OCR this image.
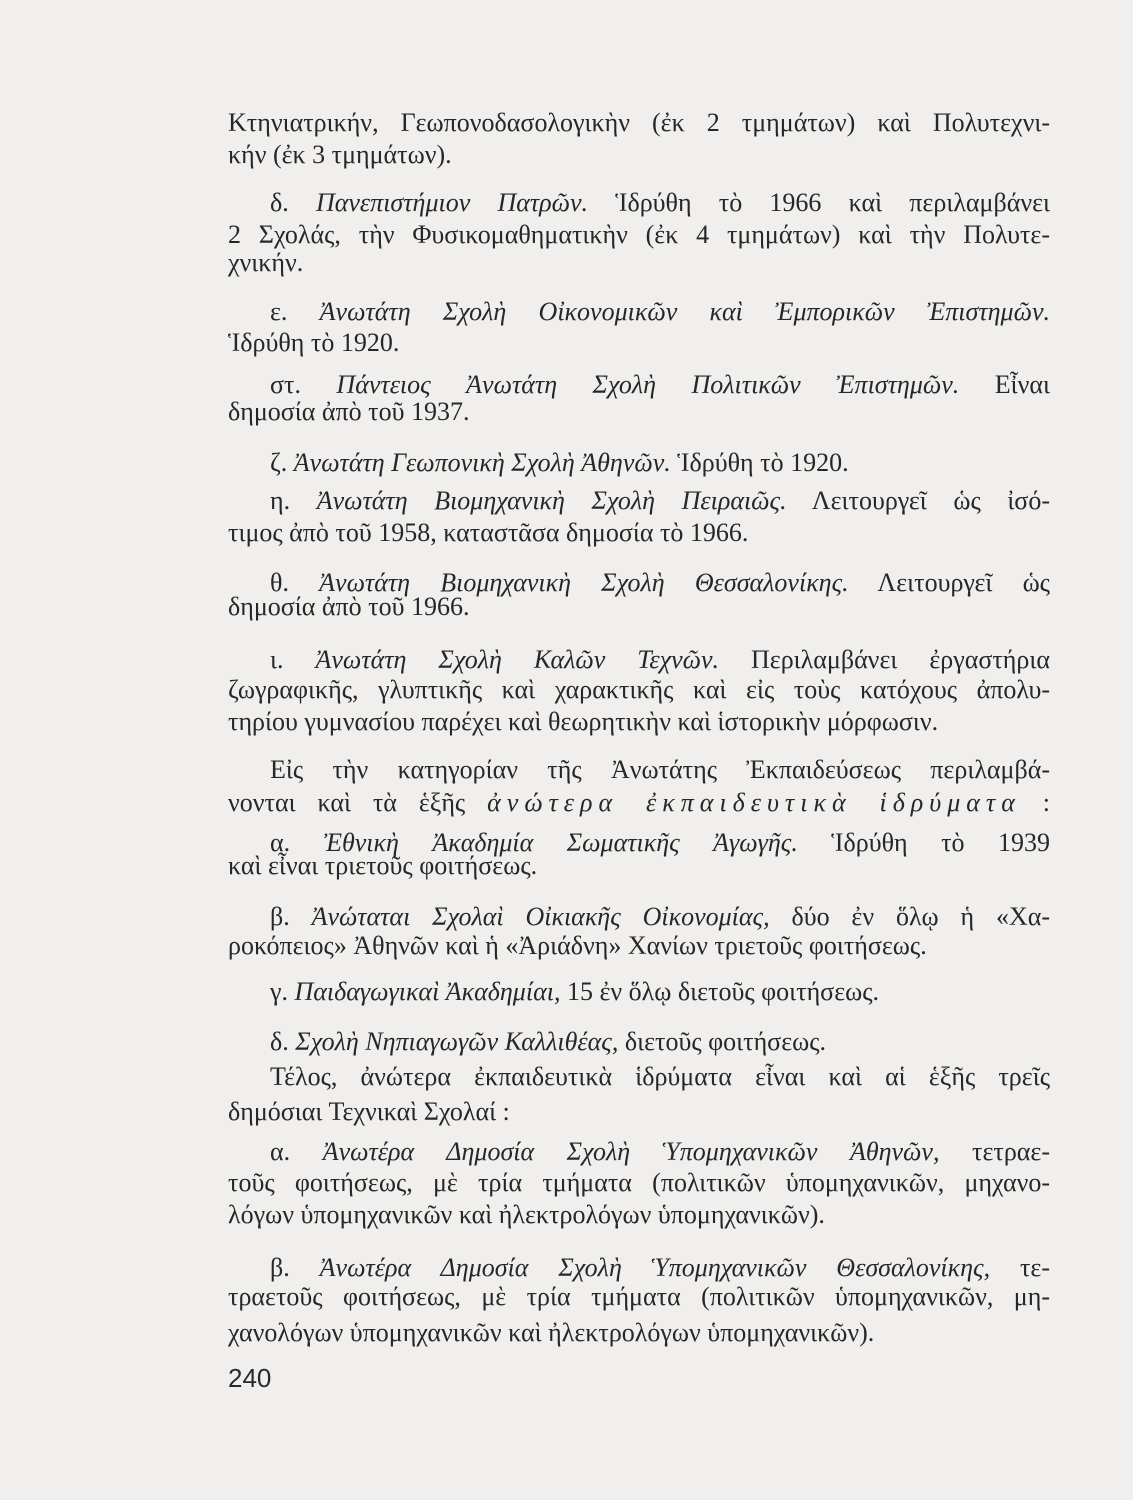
Κτηνιατρικήν, Γεωπονοδασολογικὴν (ἐκ 2 τμημάτων) καὶ Πολυτεχνι-
κήν (ἐκ 3 τμημάτων).
δ. Πανεπιστήμιον Πατρῶν. Ἱδρύθη τὸ 1966 καὶ περιλαμβάνει
2 Σχολάς, τὴν Φυσικομαθηματικὴν (ἐκ 4 τμημάτων) καὶ τὴν Πολυτε-
χνικήν.
ε. Ἀνωτάτη Σχολὴ Οἰκονομικῶν καὶ Ἐμπορικῶν Ἐπιστημῶν.
Ἱδρύθη τὸ 1920.
στ. Πάντειος Ἀνωτάτη Σχολὴ Πολιτικῶν Ἐπιστημῶν. Εἶναι
δημοσία ἀπὸ τοῦ 1937.
ζ. Ἀνωτάτη Γεωπονικὴ Σχολὴ Ἀθηνῶν. Ἱδρύθη τὸ 1920.
η. Ἀνωτάτη Βιομηχανικὴ Σχολὴ Πειραιῶς. Λειτουργεῖ ὡς ἰσό-
τιμος ἀπὸ τοῦ 1958, καταστᾶσα δημοσία τὸ 1966.
θ. Ἀνωτάτη Βιομηχανικὴ Σχολὴ Θεσσαλονίκης. Λειτουργεῖ ὡς
δημοσία ἀπὸ τοῦ 1966.
ι. Ἀνωτάτη Σχολὴ Καλῶν Τεχνῶν. Περιλαμβάνει ἐργαστήρια
ζωγραφικῆς, γλυπτικῆς καὶ χαρακτικῆς καὶ εἰς τοὺς κατόχους ἀπολυ-
τηρίου γυμνασίου παρέχει καὶ θεωρητικὴν καὶ ἱστορικὴν μόρφωσιν.
Εἰς τὴν κατηγορίαν τῆς Ἀνωτάτης Ἐκπαιδεύσεως περιλαμβά-
νονται καὶ τὰ ἑξῆς ἀνώτερα ἐκπαιδευτικὰ ἱδρύματα :
α. Ἐθνικὴ Ἀκαδημία Σωματικῆς Ἀγωγῆς. Ἱδρύθη τὸ 1939
καὶ εἶναι τριετοῦς φοιτήσεως.
β. Ἀνώταται Σχολαὶ Οἰκιακῆς Οἰκονομίας, δύο ἐν ὅλῳ ἡ «Χα-
ροκόπειος» Ἀθηνῶν καὶ ἡ «Ἀριάδνη» Χανίων τριετοῦς φοιτήσεως.
γ. Παιδαγωγικαὶ Ἀκαδημίαι, 15 ἐν ὅλῳ διετοῦς φοιτήσεως.
δ. Σχολὴ Νηπιαγωγῶν Καλλιθέας, διετοῦς φοιτήσεως.
Τέλος, ἀνώτερα ἐκπαιδευτικὰ ἱδρύματα εἶναι καὶ αἱ ἑξῆς τρεῖς
δημόσιαι Τεχνικαὶ Σχολαί :
α. Ἀνωτέρα Δημοσία Σχολὴ Ὑπομηχανικῶν Ἀθηνῶν, τετραε-
τοῦς φοιτήσεως, μὲ τρία τμήματα (πολιτικῶν ὑπομηχανικῶν, μηχανο-
λόγων ὑπομηχανικῶν καὶ ἠλεκτρολόγων ὑπομηχανικῶν).
β. Ἀνωτέρα Δημοσία Σχολὴ Ὑπομηχανικῶν Θεσσαλονίκης, τε-
τραετοῦς φοιτήσεως, μὲ τρία τμήματα (πολιτικῶν ὑπομηχανικῶν, μη-
χανολόγων ὑπομηχανικῶν καὶ ἠλεκτρολόγων ὑπομηχανικῶν).
240
